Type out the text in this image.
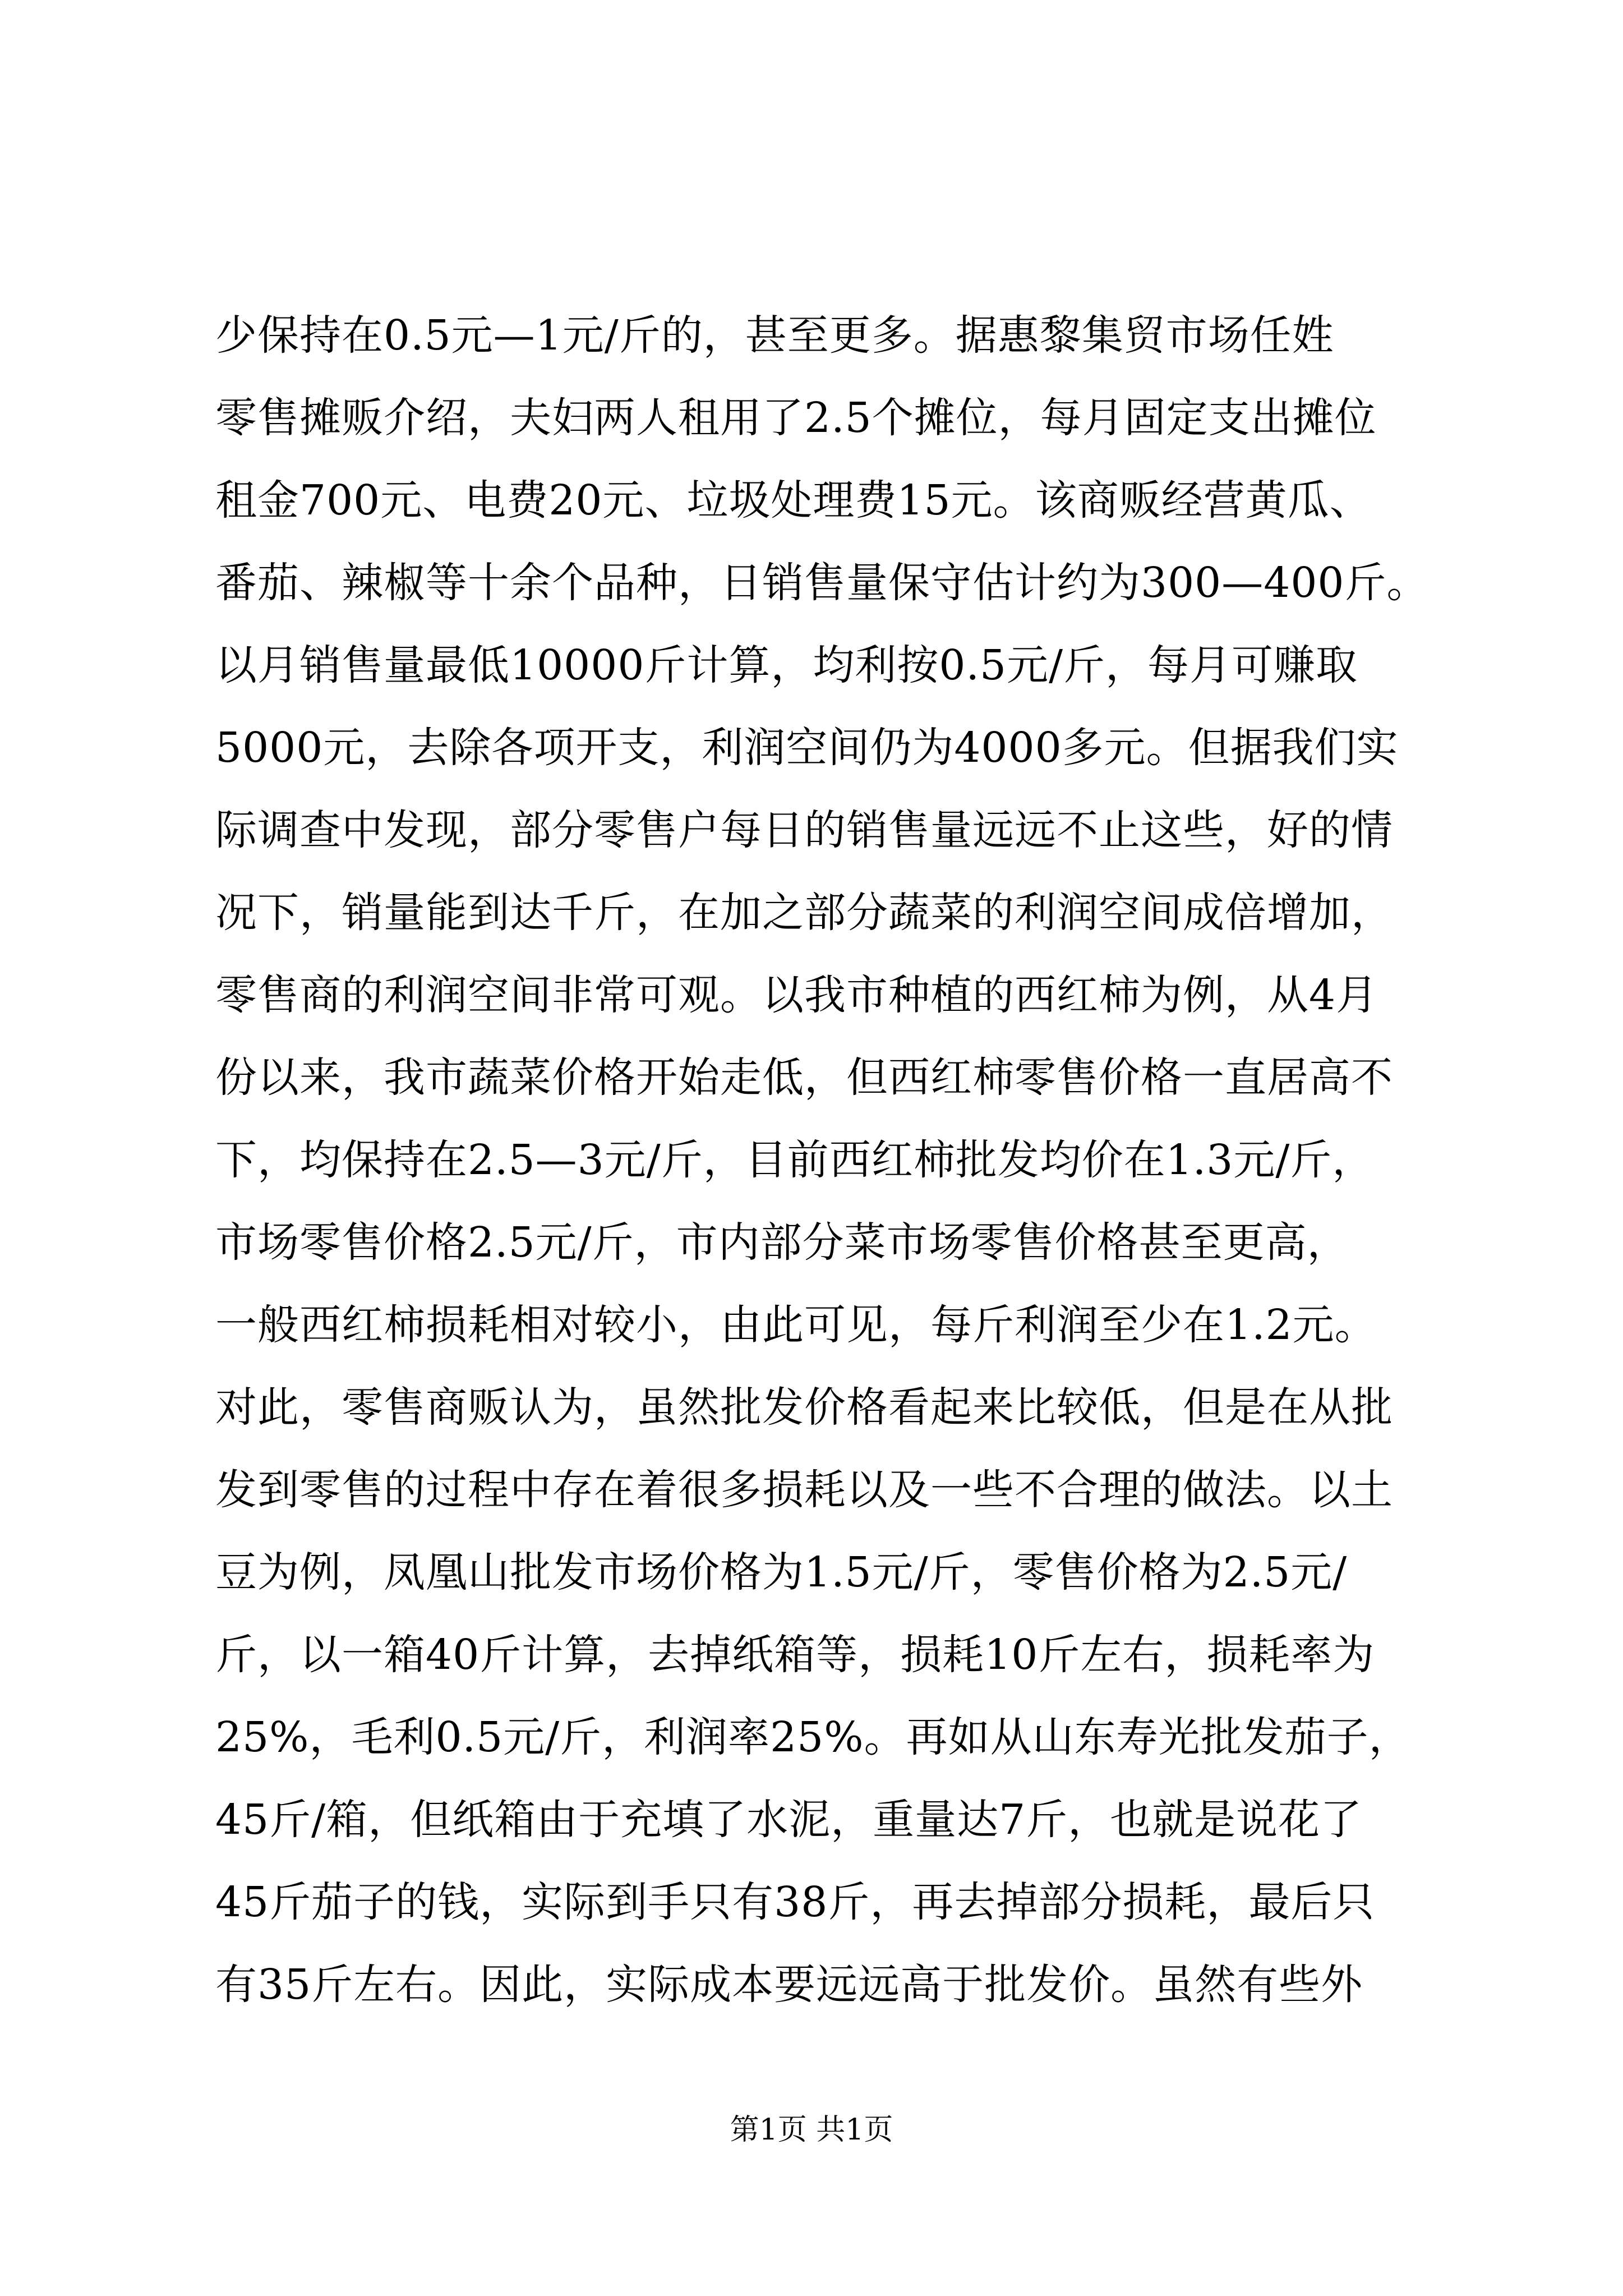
少保持在0.5元—1元/斤的，甚至更多。据惠黎集贸市场任姓
零售摊贩介绍，夫妇两人租用了2.5个摊位，每月固定支出摊位
租金700元、电费20元、垃圾处理费15元。该商贩经营黄瓜、
番茄、辣椒等十余个品种，日销售量保守估计约为300—400斤。
以月销售量最低10000斤计算，均利按0.5元/斤，每月可赚取
5000元，去除各项开支，利润空间仍为4000多元。但据我们实
际调查中发现，部分零售户每日的销售量远远不止这些，好的情
况下，销量能到达千斤，在加之部分蔬菜的利润空间成倍增加，
零售商的利润空间非常可观。以我市种植的西红柿为例，从4月
份以来，我市蔬菜价格开始走低，但西红柿零售价格一直居高不
下，均保持在2.5—3元/斤，目前西红柿批发均价在1.3元/斤，
市场零售价格2.5元/斤，市内部分菜市场零售价格甚至更高，
一般西红柿损耗相对较小，由此可见，每斤利润至少在1.2元。
对此，零售商贩认为，虽然批发价格看起来比较低，但是在从批
发到零售的过程中存在着很多损耗以及一些不合理的做法。以土
豆为例，凤凰山批发市场价格为1.5元/斤，零售价格为2.5元/
斤，以一箱40斤计算，去掉纸箱等，损耗10斤左右，损耗率为
25%，毛利0.5元/斤，利润率25%。再如从山东寿光批发茄子，
45斤/箱，但纸箱由于充填了水泥，重量达7斤，也就是说花了
45斤茄子的钱，实际到手只有38斤，再去掉部分损耗，最后只
有35斤左右。因此，实际成本要远远高于批发价。虽然有些外
第1页 共1页
